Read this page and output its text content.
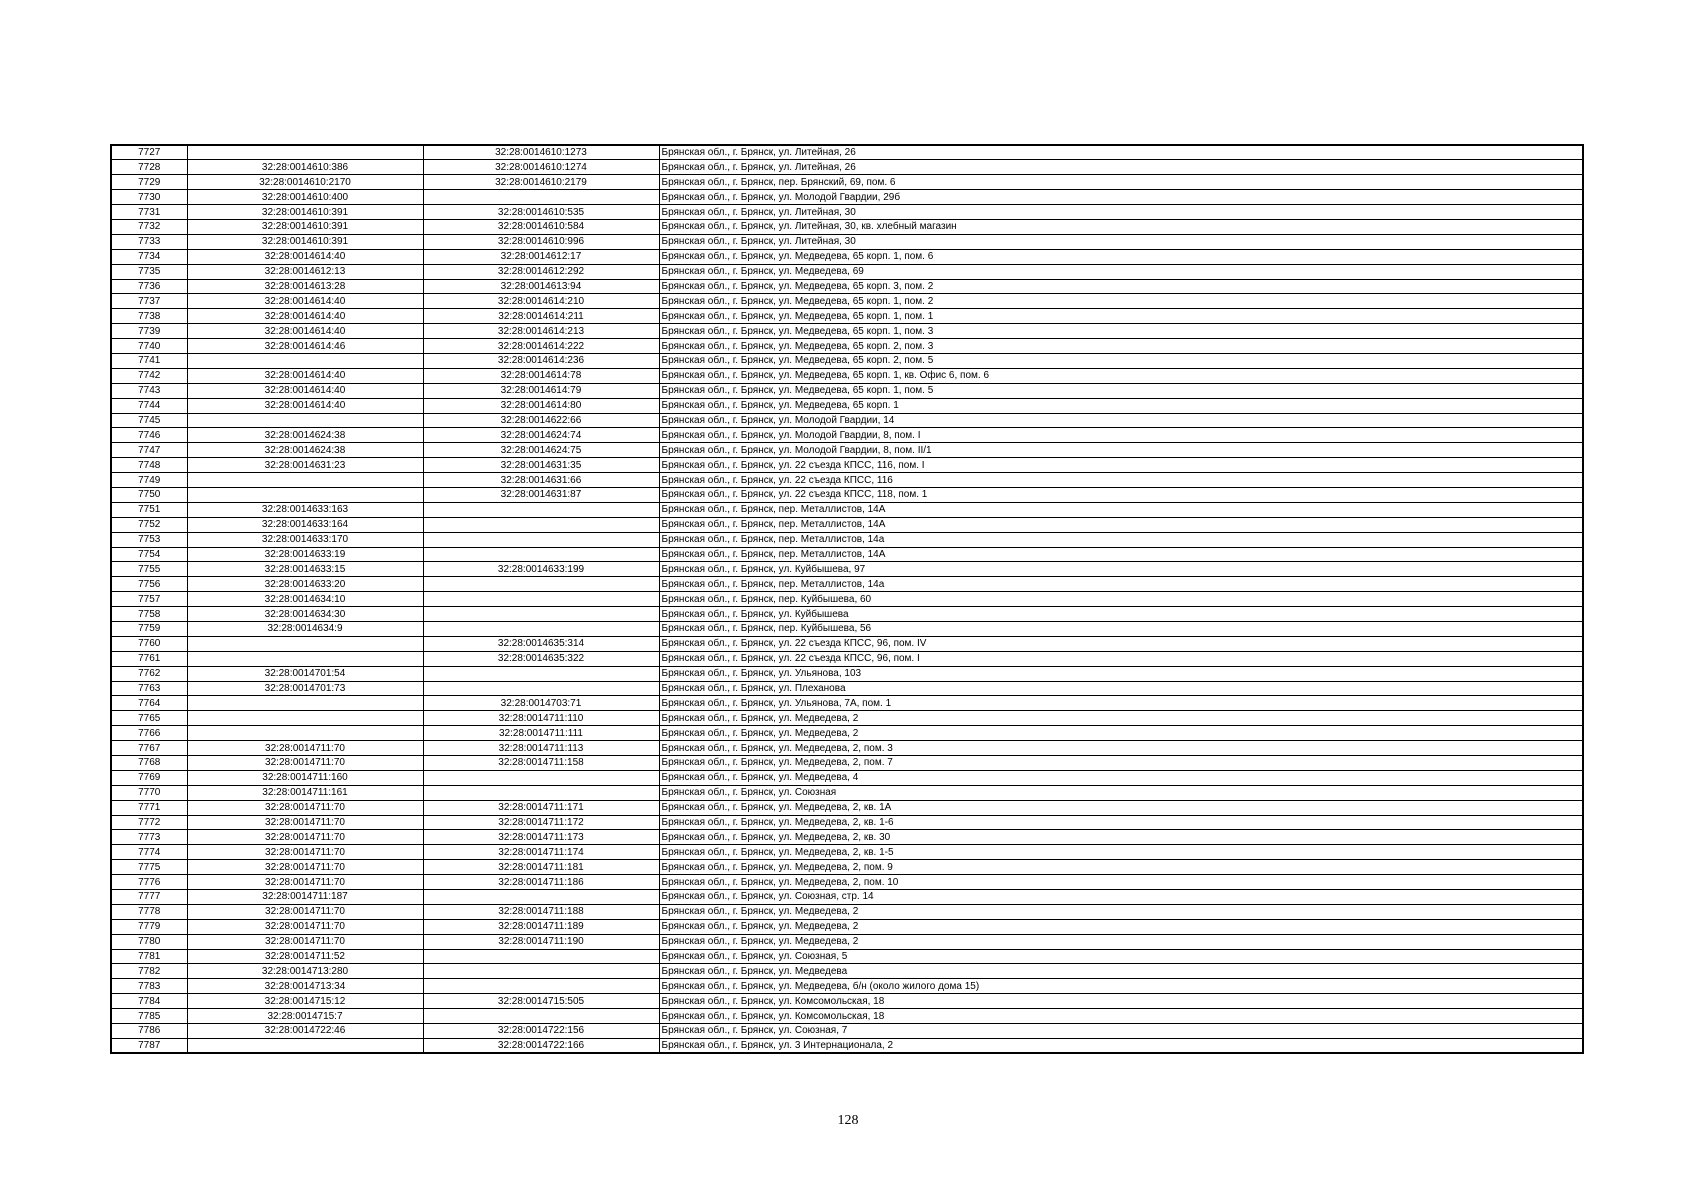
7727		32:28:0014610:1273	Брянская обл., г. Брянск, ул. Литейная, 26
7728	32:28:0014610:386	32:28:0014610:1274	Брянская обл., г. Брянск, ул. Литейная, 26
7729	32:28:0014610:2170	32:28:0014610:2179	Брянская обл., г. Брянск, пер. Брянский, 69, пом. 6
7730	32:28:0014610:400		Брянская обл., г. Брянск, ул. Молодой Гвардии, 29б
7731	32:28:0014610:391	32:28:0014610:535	Брянская обл., г. Брянск, ул. Литейная, 30
7732	32:28:0014610:391	32:28:0014610:584	Брянская обл., г. Брянск, ул. Литейная, 30, кв. хлебный магазин
7733	32:28:0014610:391	32:28:0014610:996	Брянская обл., г. Брянск, ул. Литейная, 30
7734	32:28:0014614:40	32:28:0014612:17	Брянская обл., г. Брянск, ул. Медведева, 65 корп. 1, пом. 6
7735	32:28:0014612:13	32:28:0014612:292	Брянская обл., г. Брянск, ул. Медведева, 69
7736	32:28:0014613:28	32:28:0014613:94	Брянская обл., г. Брянск, ул. Медведева, 65 корп. 3, пом. 2
7737	32:28:0014614:40	32:28:0014614:210	Брянская обл., г. Брянск, ул. Медведева, 65 корп. 1, пом. 2
7738	32:28:0014614:40	32:28:0014614:211	Брянская обл., г. Брянск, ул. Медведева, 65 корп. 1, пом. 1
7739	32:28:0014614:40	32:28:0014614:213	Брянская обл., г. Брянск, ул. Медведева, 65 корп. 1, пом. 3
7740	32:28:0014614:46	32:28:0014614:222	Брянская обл., г. Брянск, ул. Медведева, 65 корп. 2, пом. 3
7741		32:28:0014614:236	Брянская обл., г. Брянск, ул. Медведева, 65 корп. 2, пом. 5
7742	32:28:0014614:40	32:28:0014614:78	Брянская обл., г. Брянск, ул. Медведева, 65 корп. 1, кв. Офис 6, пом. 6
7743	32:28:0014614:40	32:28:0014614:79	Брянская обл., г. Брянск, ул. Медведева, 65 корп. 1, пом. 5
7744	32:28:0014614:40	32:28:0014614:80	Брянская обл., г. Брянск, ул. Медведева, 65 корп. 1
7745		32:28:0014622:66	Брянская обл., г. Брянск, ул. Молодой Гвардии, 14
7746	32:28:0014624:38	32:28:0014624:74	Брянская обл., г. Брянск, ул. Молодой Гвардии, 8, пом. I
7747	32:28:0014624:38	32:28:0014624:75	Брянская обл., г. Брянск, ул. Молодой Гвардии, 8, пом. II/1
7748	32:28:0014631:23	32:28:0014631:35	Брянская обл., г. Брянск, ул. 22 съезда КПСС, 116, пом. I
7749		32:28:0014631:66	Брянская обл., г. Брянск, ул. 22 съезда КПСС, 116
7750		32:28:0014631:87	Брянская обл., г. Брянск, ул. 22 съезда КПСС, 118, пом. 1
7751	32:28:0014633:163		Брянская обл., г. Брянск, пер. Металлистов, 14А
7752	32:28:0014633:164		Брянская обл., г. Брянск, пер. Металлистов, 14А
7753	32:28:0014633:170		Брянская обл., г. Брянск, пер. Металлистов, 14а
7754	32:28:0014633:19		Брянская обл., г. Брянск, пер. Металлистов, 14А
7755	32:28:0014633:15	32:28:0014633:199	Брянская обл., г. Брянск, ул. Куйбышева, 97
7756	32:28:0014633:20		Брянская обл., г. Брянск, пер. Металлистов, 14а
7757	32:28:0014634:10		Брянская обл., г. Брянск, пер. Куйбышева, 60
7758	32:28:0014634:30		Брянская обл., г. Брянск, ул. Куйбышева
7759	32:28:0014634:9		Брянская обл., г. Брянск, пер. Куйбышева, 56
7760		32:28:0014635:314	Брянская обл., г. Брянск, ул. 22 съезда КПСС, 96, пом. IV
7761		32:28:0014635:322	Брянская обл., г. Брянск, ул. 22 съезда КПСС, 96, пом. I
7762	32:28:0014701:54		Брянская обл., г. Брянск, ул. Ульянова, 103
7763	32:28:0014701:73		Брянская обл., г. Брянск, ул. Плеханова
7764		32:28:0014703:71	Брянская обл., г. Брянск, ул. Ульянова, 7А, пом. 1
7765		32:28:0014711:110	Брянская обл., г. Брянск, ул. Медведева, 2
7766		32:28:0014711:111	Брянская обл., г. Брянск, ул. Медведева, 2
7767	32:28:0014711:70	32:28:0014711:113	Брянская обл., г. Брянск, ул. Медведева, 2, пом. 3
7768	32:28:0014711:70	32:28:0014711:158	Брянская обл., г. Брянск, ул. Медведева, 2, пом. 7
7769	32:28:0014711:160		Брянская обл., г. Брянск, ул. Медведева, 4
7770	32:28:0014711:161		Брянская обл., г. Брянск, ул. Союзная
7771	32:28:0014711:70	32:28:0014711:171	Брянская обл., г. Брянск, ул. Медведева, 2, кв. 1А
7772	32:28:0014711:70	32:28:0014711:172	Брянская обл., г. Брянск, ул. Медведева, 2, кв. 1-6
7773	32:28:0014711:70	32:28:0014711:173	Брянская обл., г. Брянск, ул. Медведева, 2, кв. 30
7774	32:28:0014711:70	32:28:0014711:174	Брянская обл., г. Брянск, ул. Медведева, 2, кв. 1-5
7775	32:28:0014711:70	32:28:0014711:181	Брянская обл., г. Брянск, ул. Медведева, 2, пом. 9
7776	32:28:0014711:70	32:28:0014711:186	Брянская обл., г. Брянск, ул. Медведева, 2, пом. 10
7777	32:28:0014711:187		Брянская обл., г. Брянск, ул. Союзная, стр. 14
7778	32:28:0014711:70	32:28:0014711:188	Брянская обл., г. Брянск, ул. Медведева, 2
7779	32:28:0014711:70	32:28:0014711:189	Брянская обл., г. Брянск, ул. Медведева, 2
7780	32:28:0014711:70	32:28:0014711:190	Брянская обл., г. Брянск, ул. Медведева, 2
7781	32:28:0014711:52		Брянская обл., г. Брянск, ул. Союзная, 5
7782	32:28:0014713:280		Брянская обл., г. Брянск, ул. Медведева
7783	32:28:0014713:34		Брянская обл., г. Брянск, ул. Медведева, б/н (около жилого дома 15)
7784	32:28:0014715:12	32:28:0014715:505	Брянская обл., г. Брянск, ул. Комсомольская, 18
7785	32:28:0014715:7		Брянская обл., г. Брянск, ул. Комсомольская, 18
7786	32:28:0014722:46	32:28:0014722:156	Брянская обл., г. Брянск, ул. Союзная, 7
7787		32:28:0014722:166	Брянская обл., г. Брянск, ул. 3 Интернационала, 2
128
